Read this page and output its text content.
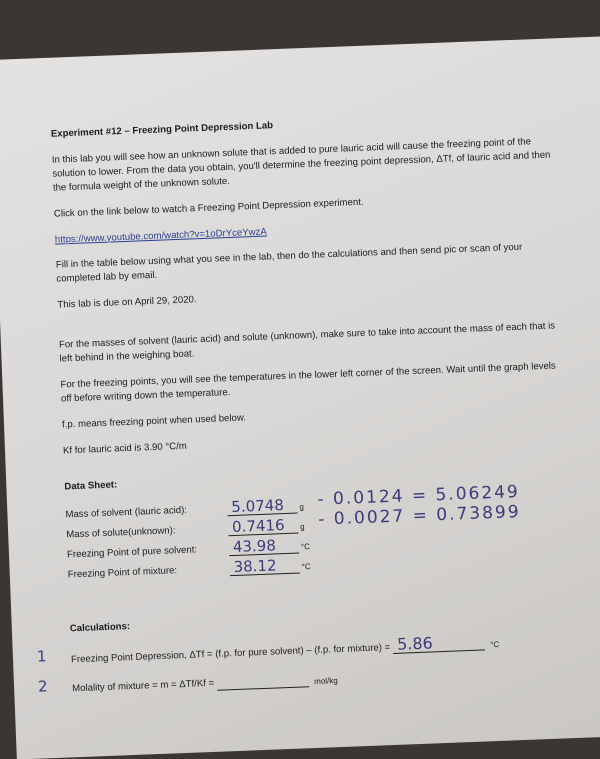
Experiment #12 – Freezing Point Depression Lab

In this lab you will see how an unknown solute that is added to pure lauric acid will cause the freezing point of the solution to lower. From the data you obtain, you'll determine the freezing point depression, ΔTf, of lauric acid and then the formula weight of the unknown solute.

Click on the link below to watch a Freezing Point Depression experiment.

https://www.youtube.com/watch?v=1oDrYceYwzA

Fill in the table below using what you see in the lab, then do the calculations and then send pic or scan of your completed lab by email.

This lab is due on April 29, 2020.

For the masses of solvent (lauric acid) and solute (unknown), make sure to take into account the mass of each that is left behind in the weighing boat.

For the freezing points, you will see the temperatures in the lower left corner of the screen. Wait until the graph levels off before writing down the temperature.

f.p. means freezing point when used below.

Kf for lauric acid is 3.90 °C/m

Data Sheet:
Mass of solvent (lauric acid):	5.0748	g - 0.0124 = 5.06249
Mass of solute(unknown):	0.7416	g - 0.0027 = 0.73899
Freezing Point of pure solvent:	43.98	°C
Freezing Point of mixture:	38.12	°C
Calculations:
1	Freezing Point Depression, ΔTf = (f.p. for pure solvent) – (f.p. for mixture) = 5.86	°C
2	Molality of mixture = m = ΔTf/Kf =	mol/kg
